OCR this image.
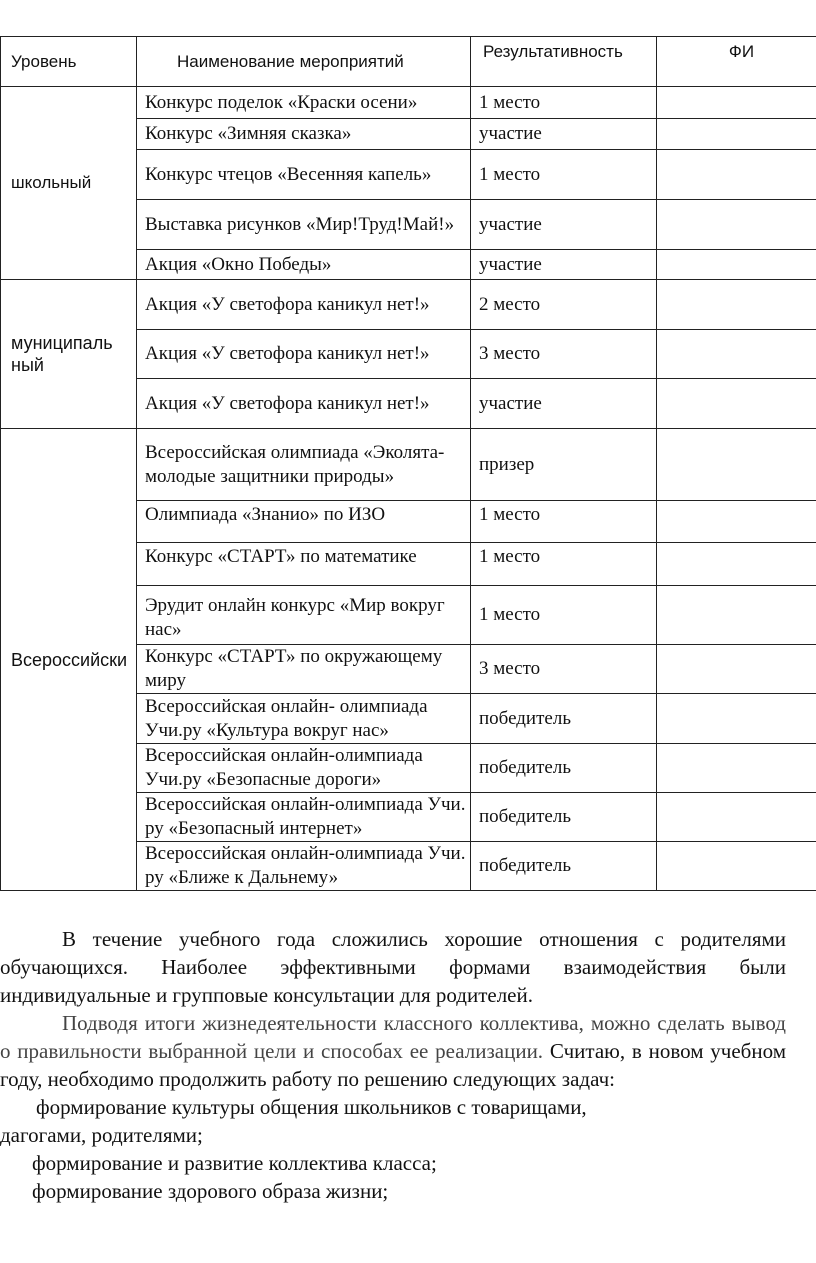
Уровень	Наименование мероприятий	Результативность	ФИ
школьный	Конкурс поделок «Краски осени»	1 место	
	Конкурс «Зимняя сказка»	участие	
	Конкурс чтецов «Весенняя капель»	1 место	
	Выставка рисунков «Мир!Труд!Май!»	участие	
	Акция «Окно Победы»	участие	
муниципаль ный	Акция «У светофора каникул нет!»	2 место	
	Акция «У светофора каникул нет!»	3 место	
	Акция «У светофора каникул нет!»	участие	
Всероссийски	Всероссийская олимпиада «Эколята- молодые защитники природы»	призер	
	Олимпиада «Знанио» по ИЗО	1 место	
	Конкурс «СТАРТ» по математике	1 место	
	Эрудит онлайн конкурс «Мир вокруг нас»	1 место	
	Конкурс «СТАРТ» по окружающему миру	3 место	
	Всероссийская онлайн- олимпиада Учи.ру «Культура вокруг нас»	победитель	
	Всероссийская онлайн-олимпиада Учи.ру «Безопасные дороги»	победитель	
	Всероссийская онлайн-олимпиада Учи. ру «Безопасный интернет»	победитель	
	Всероссийская онлайн-олимпиада Учи. ру «Ближе к Дальнему»	победитель	

В течение учебного года сложились хорошие отношения с родителями обучающихся. Наиболее эффективными формами взаимодействия были индивидуальные и групповые консультации для родителей.

Подводя итоги жизнедеятельности классного коллектива, можно сделать вывод о правильности выбранной цели и способах ее реализации. Считаю, в новом учебном году, необходимо продолжить работу по решению следующих задач:

формирование культуры общения школьников с товарищами,

дагогами, родителями;

формирование и развитие коллектива класса;

формирование здорового образа жизни;
